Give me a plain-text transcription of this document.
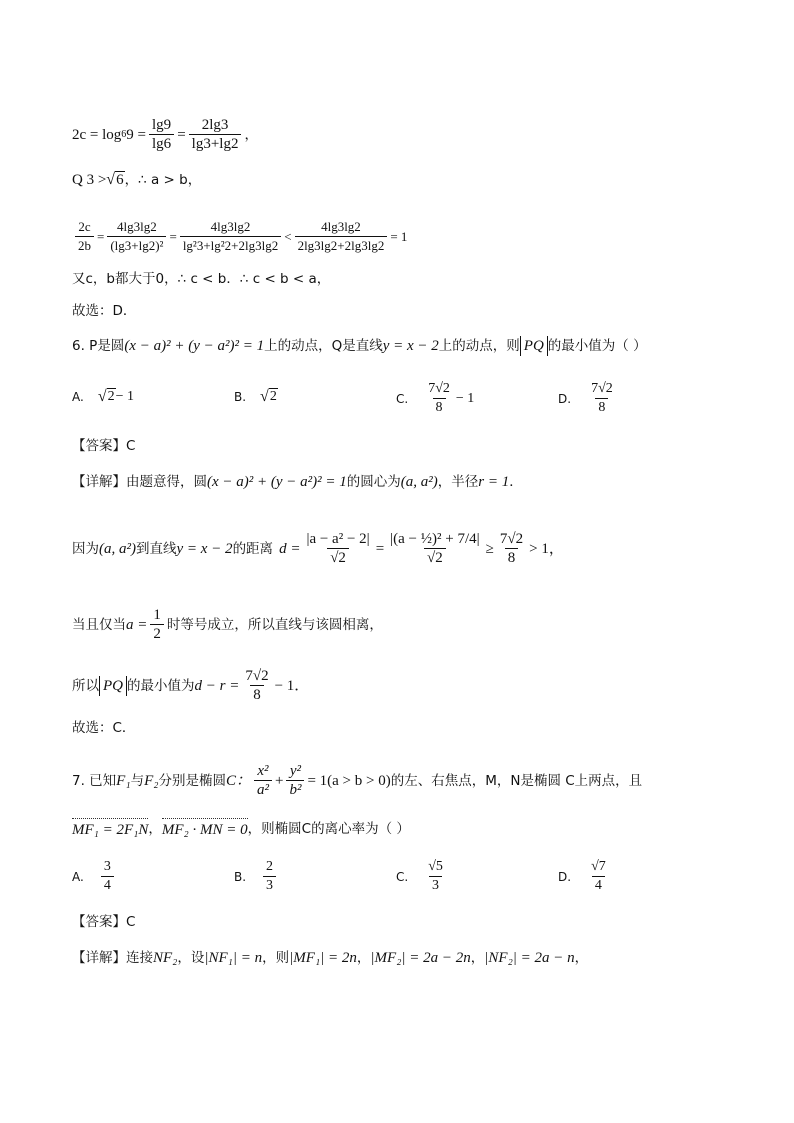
2c = log 6 $9 = \frac{\lg 9}{\lg 6} = \frac{2\lg 3}{\lg 3+\lg 2}$ ，
Q 3 > √ 6 ，∴ a > b，
$\frac{2c}{2b} = \frac{4\lg 3\lg 2}{\text{(lg3+lg2)²}} = \frac{4\lg 3\lg 2}{\text{lg²3+lg²2+2lg3lg2}} < \frac{4\lg 3\lg 2}{2\lg 3\lg 2+2\lg 3\lg 2} = 1$
又c，b都大于0，∴ c < b．∴ c < b < a，
故选：D．
6. P是圆 (x − a)² + (y − a²)² = 1 上的动点，Q是直线 y = x − 2 上的动点，则 PQ 的最小值为（ ）
A. √ 2 − 1	B. √ 2	C. $\frac{7√2}{8} - 1$	D. $\frac{7√2}{8}$
【答案】C
【详解】由题意得，圆 (x − a)² + (y − a²)² = 1 的圆心为 (a, a²) ，半径 r = 1 ．
因为 (a, a²) 到直线 y = x − 2 的距离 $d = \frac{\text{|a − a² − 2|}}{√2} = \frac{\text{|(a − ½)² + 7/4|}}{√2} \ge \frac{7√2}{8} > 1$，
当且仅当 $a = \frac{1}{2}$ 时等号成立，所以直线与该圆相离，
所以 PQ 的最小值为 $d - r = \frac{7√2}{8} - 1$．
故选：C．
7. 已知 F₁ 与 F₂ 分别是椭圆 C： $\frac{\text{x²}}{\text{a²}} + \frac{\text{y²}}{\text{b²}} = 1(a > b > 0)$ 的左、右焦点，M，N是椭圆 C上两点，且
MF₁ = 2F₁N ， MF₂ · MN = 0 ，则椭圆C的离心率为（ ）
A. $\frac{3}{4}$	B. $\frac{2}{3}$	C. $\frac{√5}{3}$	D. $\frac{√7}{4}$
【答案】C
【详解】连接 NF₂ ，设 |NF₁| = n ，则 |MF₁| = 2n ， |MF₂| = 2a − 2n ， |NF₂| = 2a − n ，
